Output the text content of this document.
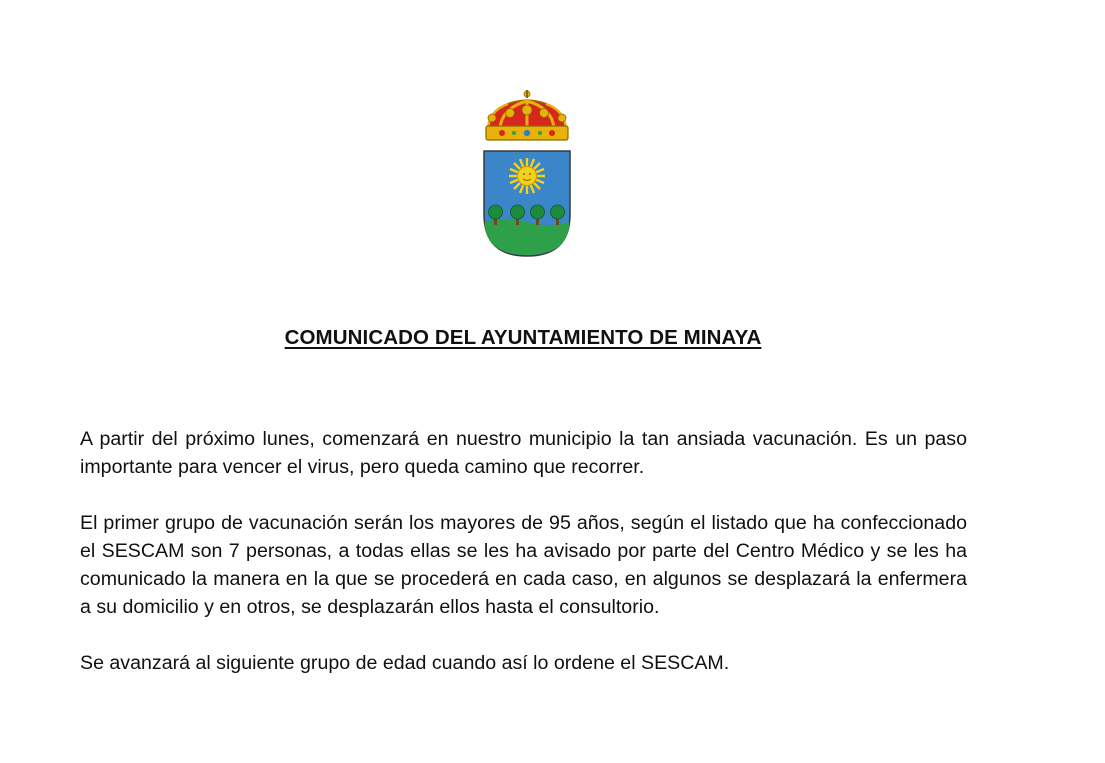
COMUNICADO DEL AYUNTAMIENTO DE MINAYA

A partir del próximo lunes, comenzará en nuestro municipio la tan ansiada vacunación. Es un paso importante para vencer el virus, pero queda camino que recorrer.

El primer grupo de vacunación serán los mayores de 95 años, según el listado que ha confeccionado el SESCAM son 7 personas, a todas ellas se les ha avisado por parte del Centro Médico y se les ha comunicado la manera en la que se procederá en cada caso, en algunos se desplazará la enfermera a su domicilio y en otros, se desplazarán ellos hasta el consultorio.

Se avanzará al siguiente grupo de edad cuando así lo ordene el SESCAM.
